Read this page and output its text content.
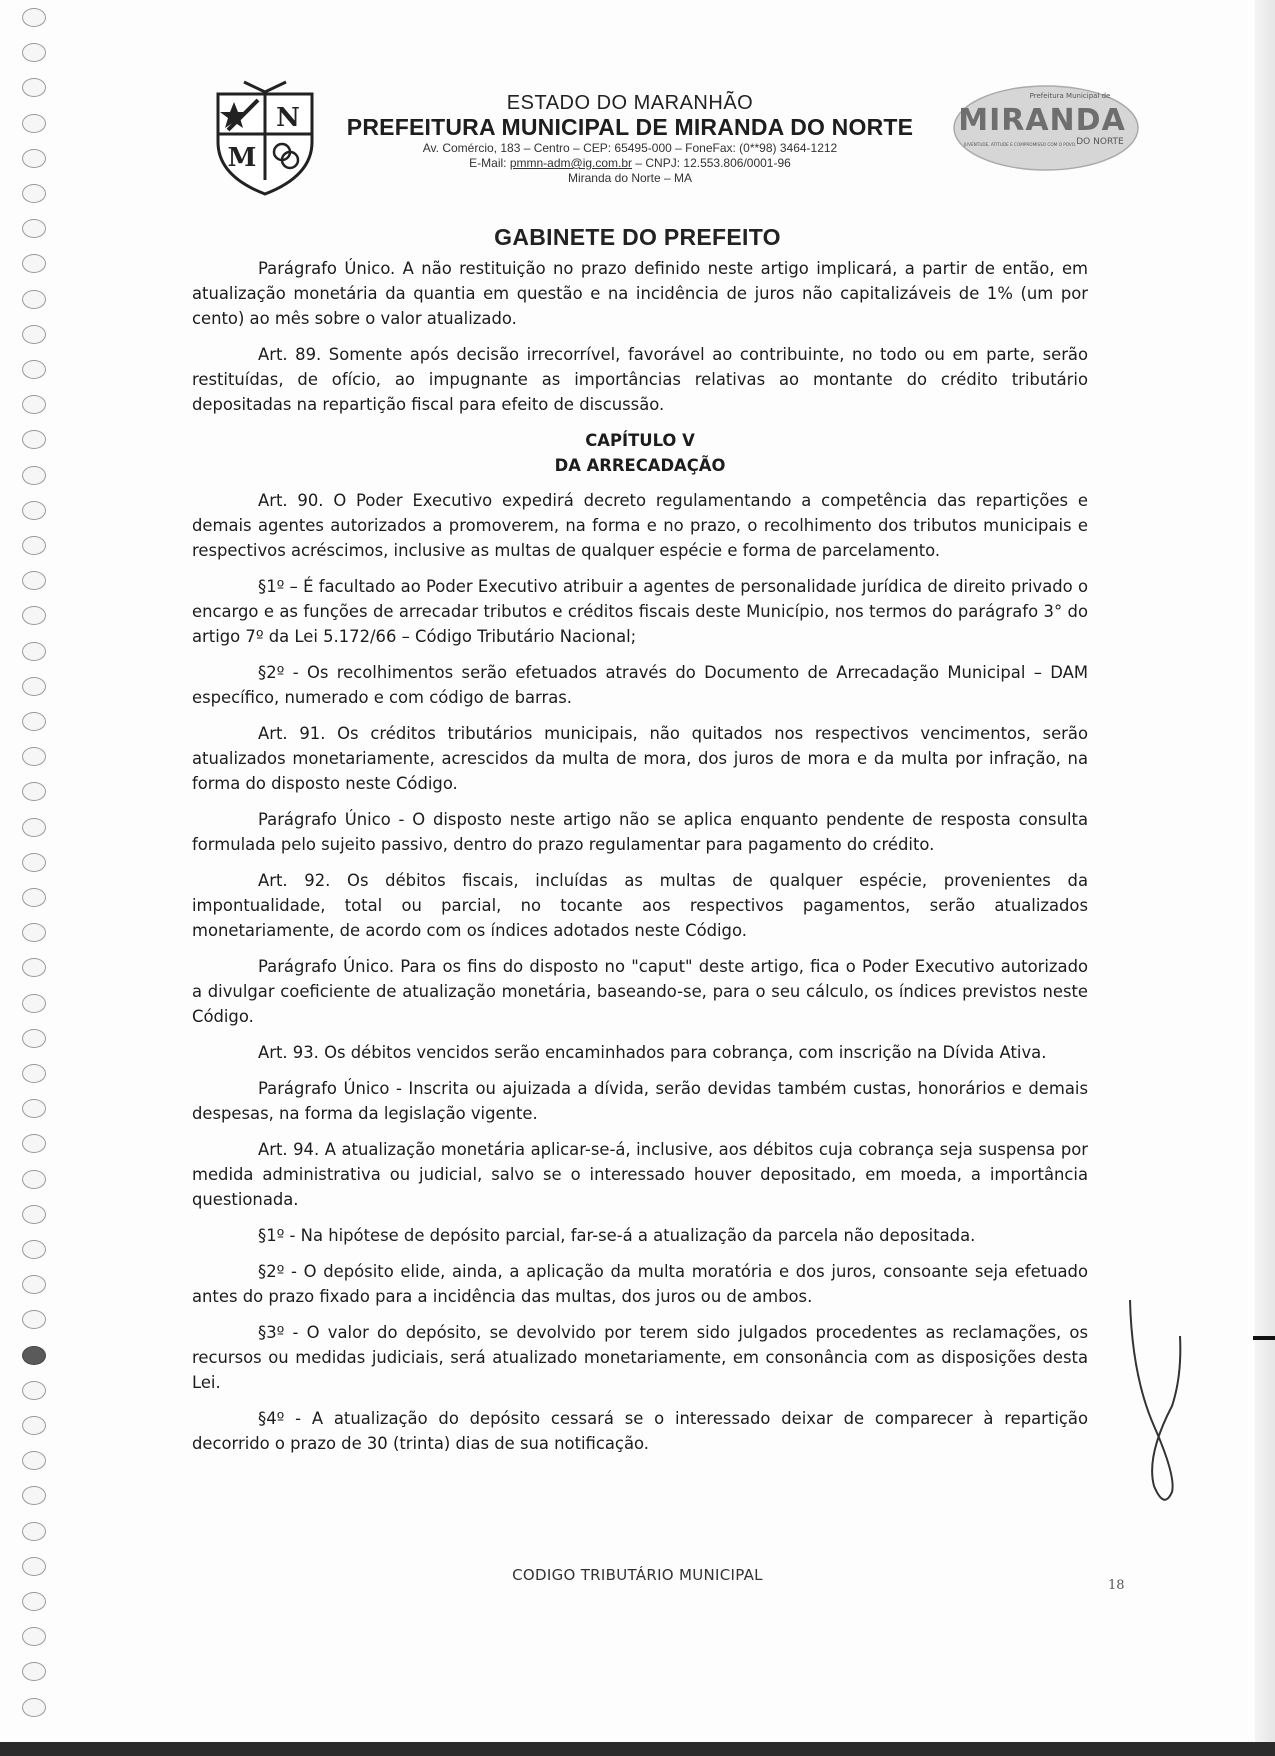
N
M
ESTADO DO MARANHÃO
PREFEITURA MUNICIPAL DE MIRANDA DO NORTE
Av. Comércio, 183 – Centro – CEP: 65495-000 – FoneFax: (0**98) 3464-1212
E-Mail: pmmn-adm@ig.com.br – CNPJ: 12.553.806/0001-96
Miranda do Norte – MA
Prefeitura Municipal de
MIRANDA
DO NORTE
JUVENTUDE, ATITUDE E COMPROMISSO COM O POVO.
GABINETE DO PREFEITO

Parágrafo Único. A não restituição no prazo definido neste artigo implicará, a partir de então, em atualização monetária da quantia em questão e na incidência de juros não capitalizáveis de 1% (um por cento) ao mês sobre o valor atualizado.

Art. 89. Somente após decisão irrecorrível, favorável ao contribuinte, no todo ou em parte, serão restituídas, de ofício, ao impugnante as importâncias relativas ao montante do crédito tributário depositadas na repartição fiscal para efeito de discussão.

CAPÍTULO V
DA ARRECADAÇÃO

Art. 90. O Poder Executivo expedirá decreto regulamentando a competência das repartições e demais agentes autorizados a promoverem, na forma e no prazo, o recolhimento dos tributos municipais e respectivos acréscimos, inclusive as multas de qualquer espécie e forma de parcelamento.

§1º – É facultado ao Poder Executivo atribuir a agentes de personalidade jurídica de direito privado o encargo e as funções de arrecadar tributos e créditos fiscais deste Município, nos termos do parágrafo 3° do artigo 7º da Lei 5.172/66 – Código Tributário Nacional;

§2º - Os recolhimentos serão efetuados através do Documento de Arrecadação Municipal – DAM específico, numerado e com código de barras.

Art. 91. Os créditos tributários municipais, não quitados nos respectivos vencimentos, serão atualizados monetariamente, acrescidos da multa de mora, dos juros de mora e da multa por infração, na forma do disposto neste Código.

Parágrafo Único - O disposto neste artigo não se aplica enquanto pendente de resposta consulta formulada pelo sujeito passivo, dentro do prazo regulamentar para pagamento do crédito.

Art. 92. Os débitos fiscais, incluídas as multas de qualquer espécie, provenientes da impontualidade, total ou parcial, no tocante aos respectivos pagamentos, serão atualizados monetariamente, de acordo com os índices adotados neste Código.

Parágrafo Único. Para os fins do disposto no "caput" deste artigo, fica o Poder Executivo autorizado a divulgar coeficiente de atualização monetária, baseando-se, para o seu cálculo, os índices previstos neste Código.

Art. 93. Os débitos vencidos serão encaminhados para cobrança, com inscrição na Dívida Ativa.

Parágrafo Único - Inscrita ou ajuizada a dívida, serão devidas também custas, honorários e demais despesas, na forma da legislação vigente.

Art. 94. A atualização monetária aplicar-se-á, inclusive, aos débitos cuja cobrança seja suspensa por medida administrativa ou judicial, salvo se o interessado houver depositado, em moeda, a importância questionada.

§1º - Na hipótese de depósito parcial, far-se-á a atualização da parcela não depositada.

§2º - O depósito elide, ainda, a aplicação da multa moratória e dos juros, consoante seja efetuado antes do prazo fixado para a incidência das multas, dos juros ou de ambos.

§3º - O valor do depósito, se devolvido por terem sido julgados procedentes as reclamações, os recursos ou medidas judiciais, será atualizado monetariamente, em consonância com as disposições desta Lei.

§4º - A atualização do depósito cessará se o interessado deixar de comparecer à repartição decorrido o prazo de 30 (trinta) dias de sua notificação.

CODIGO TRIBUTÁRIO MUNICIPAL
18
